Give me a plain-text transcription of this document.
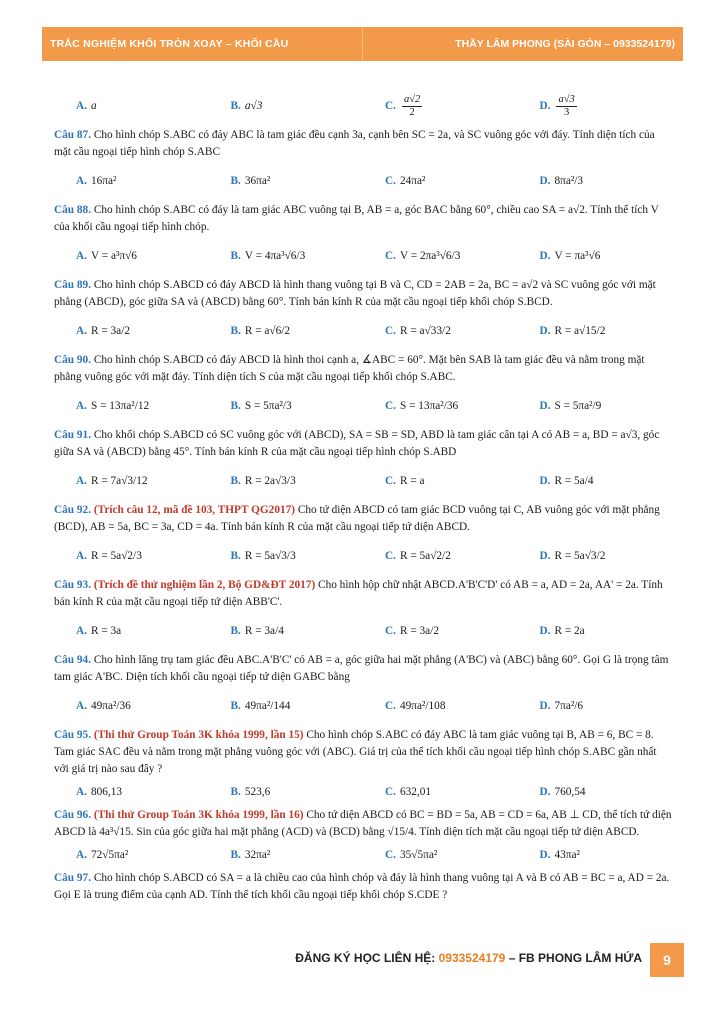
TRẮC NGHIỆM KHỐI TRÒN XOAY – KHỐI CẦU	THẦY LÂM PHONG (SÀI GÒN – 0933524179)
A. a	B. a√3	C. $\frac{a√2}{2}$	D. $\frac{a√3}{3}$

Câu 87. Cho hình chóp S.ABC có đáy ABC là tam giác đều cạnh 3a, cạnh bên SC = 2a, và SC vuông góc với đáy. Tính diện tích của mặt cầu ngoại tiếp hình chóp S.ABC

A. 16πa²	B. 36πa²	C. 24πa²	D. 8πa²/3

Câu 88. Cho hình chóp S.ABC có đáy là tam giác ABC vuông tại B, AB = a, góc BAC bằng 60°, chiều cao SA = a√2. Tính thể tích V của khối cầu ngoại tiếp hình chóp.

A. V = a³π√6	B. V = 4πa³√6/3	C. V = 2πa³√6/3	D. V = πa³√6

Câu 89. Cho hình chóp S.ABCD có đáy ABCD là hình thang vuông tại B và C, CD = 2AB = 2a, BC = a√2 và SC vuông góc với mặt phẳng (ABCD), góc giữa SA và (ABCD) bằng 60°. Tính bán kính R của mặt cầu ngoại tiếp khối chóp S.BCD.

A. R = 3a/2	B. R = a√6/2	C. R = a√33/2	D. R = a√15/2

Câu 90. Cho hình chóp S.ABCD có đáy ABCD là hình thoi cạnh a, ∡ABC = 60°. Mặt bên SAB là tam giác đều và nằm trong mặt phẳng vuông góc với mặt đáy. Tính diện tích S của mặt cầu ngoại tiếp khối chóp S.ABC.

A. S = 13πa²/12	B. S = 5πa²/3	C. S = 13πa²/36	D. S = 5πa²/9

Câu 91. Cho khối chóp S.ABCD có SC vuông góc với (ABCD), SA = SB = SD, ABD là tam giác cân tại A có AB = a, BD = a√3, góc giữa SA và (ABCD) bằng 45°. Tính bán kính R của mặt cầu ngoại tiếp hình chóp S.ABD

A. R = 7a√3/12	B. R = 2a√3/3	C. R = a	D. R = 5a/4

Câu 92. (Trích câu 12, mã đề 103, THPT QG2017) Cho tứ diện ABCD có tam giác BCD vuông tại C, AB vuông góc với mặt phẳng (BCD), AB = 5a, BC = 3a, CD = 4a. Tính bán kính R của mặt cầu ngoại tiếp tứ diện ABCD.

A. R = 5a√2/3	B. R = 5a√3/3	C. R = 5a√2/2	D. R = 5a√3/2

Câu 93. (Trích đề thử nghiệm lần 2, Bộ GD&ĐT 2017) Cho hình hộp chữ nhật ABCD.A'B'C'D' có AB = a, AD = 2a, AA' = 2a. Tính bán kính R của mặt cầu ngoại tiếp tứ diện ABB'C'.

A. R = 3a	B. R = 3a/4	C. R = 3a/2	D. R = 2a

Câu 94. Cho hình lăng trụ tam giác đều ABC.A'B'C' có AB = a, góc giữa hai mặt phẳng (A'BC) và (ABC) bằng 60°. Gọi G là trọng tâm tam giác A'BC. Diện tích khối cầu ngoại tiếp tứ diện GABC bằng

A. 49πa²/36	B. 49πa²/144	C. 49πa²/108	D. 7πa²/6

Câu 95. (Thi thử Group Toán 3K khóa 1999, lần 15) Cho hình chóp S.ABC có đáy ABC là tam giác vuông tại B, AB = 6, BC = 8. Tam giác SAC đều và nằm trong mặt phẳng vuông góc với (ABC). Giá trị của thể tích khối cầu ngoại tiếp hình chóp S.ABC gần nhất với giá trị nào sau đây ?

A. 806,13	B. 523,6	C. 632,01	D. 760,54

Câu 96. (Thi thử Group Toán 3K khóa 1999, lần 16) Cho tứ diện ABCD có BC = BD = 5a, AB = CD = 6a, AB ⊥ CD, thể tích tứ diện ABCD là 4a³√15. Sin của góc giữa hai mặt phẳng (ACD) và (BCD) bằng √15/4. Tính diện tích mặt cầu ngoại tiếp tứ diện ABCD.

A. 72√5πa²	B. 32πa²	C. 35√5πa²	D. 43πa²

Câu 97. Cho hình chóp S.ABCD có SA = a là chiều cao của hình chóp và đáy là hình thang vuông tại A và B có AB = BC = a, AD = 2a. Gọi E là trung điểm của cạnh AD. Tính thể tích khối cầu ngoại tiếp khối chóp S.CDE ?

ĐĂNG KÝ HỌC LIÊN HỆ: 0933524179 – FB PHONG LÂM HỨA	9
